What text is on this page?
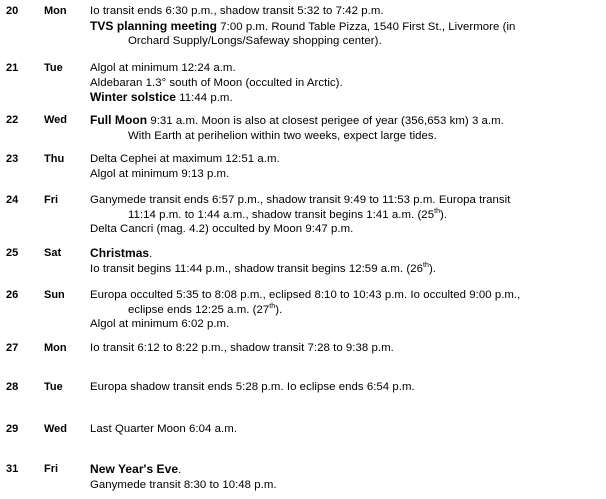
20	Mon	Io transit ends 6:30 p.m., shadow transit 5:32 to 7:42 p.m.
TVS planning meeting 7:00 p.m. Round Table Pizza, 1540 First St., Livermore (in
Orchard Supply/Longs/Safeway shopping center).
21	Tue	Algol at minimum 12:24 a.m.
Aldebaran 1.3° south of Moon (occulted in Arctic).
Winter solstice 11:44 p.m.
22	Wed	Full Moon 9:31 a.m. Moon is also at closest perigee of year (356,653 km) 3 a.m.
With Earth at perihelion within two weeks, expect large tides.
23	Thu	Delta Cephei at maximum 12:51 a.m.
Algol at minimum 9:13 p.m.
24	Fri	Ganymede transit ends 6:57 p.m., shadow transit 9:49 to 11:53 p.m. Europa transit
11:14 p.m. to 1:44 a.m., shadow transit begins 1:41 a.m. (25th).
Delta Cancri (mag. 4.2) occulted by Moon 9:47 p.m.
25	Sat	Christmas.
Io transit begins 11:44 p.m., shadow transit begins 12:59 a.m. (26th).
26	Sun	Europa occulted 5:35 to 8:08 p.m., eclipsed 8:10 to 10:43 p.m. Io occulted 9:00 p.m.,
eclipse ends 12:25 a.m. (27th).
Algol at minimum 6:02 p.m.
27	Mon	Io transit 6:12 to 8:22 p.m., shadow transit 7:28 to 9:38 p.m.
28	Tue	Europa shadow transit ends 5:28 p.m. Io eclipse ends 6:54 p.m.
29	Wed	Last Quarter Moon 6:04 a.m.
31	Fri	New Year's Eve.
Ganymede transit 8:30 to 10:48 p.m.
